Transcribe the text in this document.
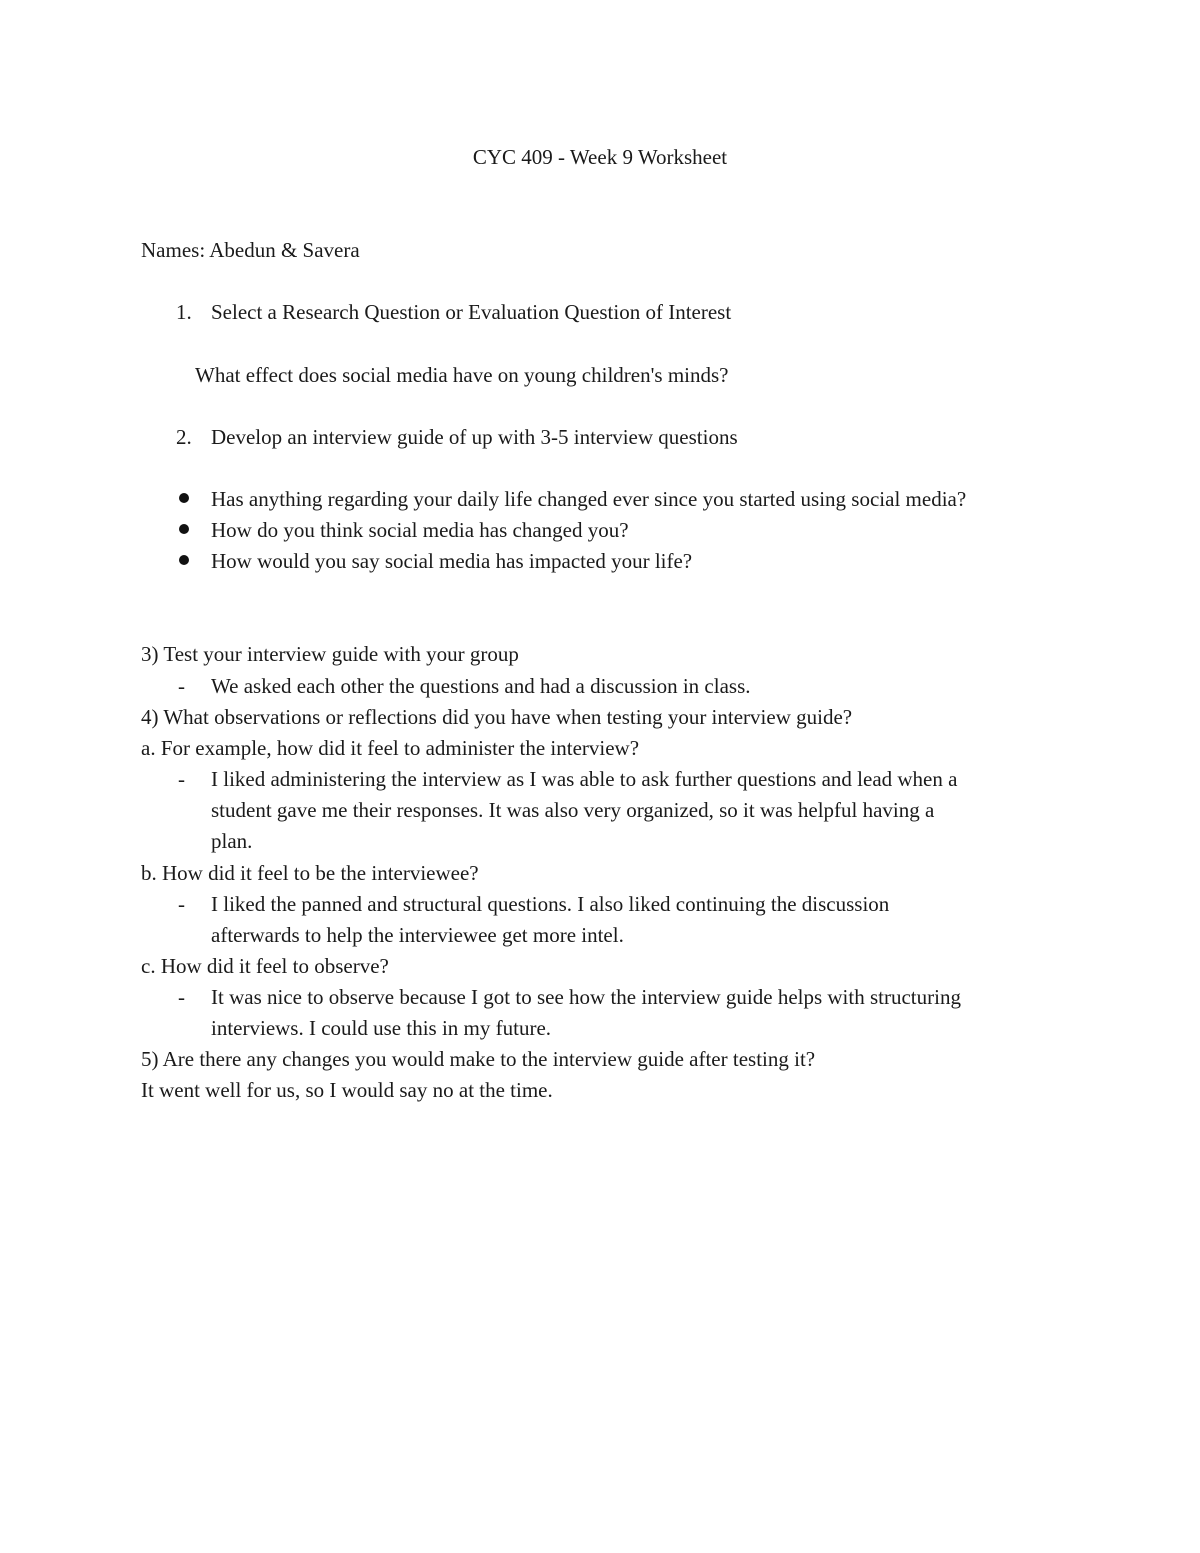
CYC 409 - Week 9 Worksheet
Names: Abedun & Savera
1. Select a Research Question or Evaluation Question of Interest
What effect does social media have on young children's minds?
2. Develop an interview guide of up with 3-5 interview questions
Has anything regarding your daily life changed ever since you started using social media?
How do you think social media has changed you?
How would you say social media has impacted your life?
3) Test your interview guide with your group
- We asked each other the questions and had a discussion in class.
4) What observations or reflections did you have when testing your interview guide?
a. For example, how did it feel to administer the interview?
- I liked administering the interview as I was able to ask further questions and lead when a
student gave me their responses. It was also very organized, so it was helpful having a
plan.
b. How did it feel to be the interviewee?
- I liked the panned and structural questions. I also liked continuing the discussion
afterwards to help the interviewee get more intel.
c. How did it feel to observe?
- It was nice to observe because I got to see how the interview guide helps with structuring
interviews. I could use this in my future.
5) Are there any changes you would make to the interview guide after testing it?
It went well for us, so I would say no at the time.
